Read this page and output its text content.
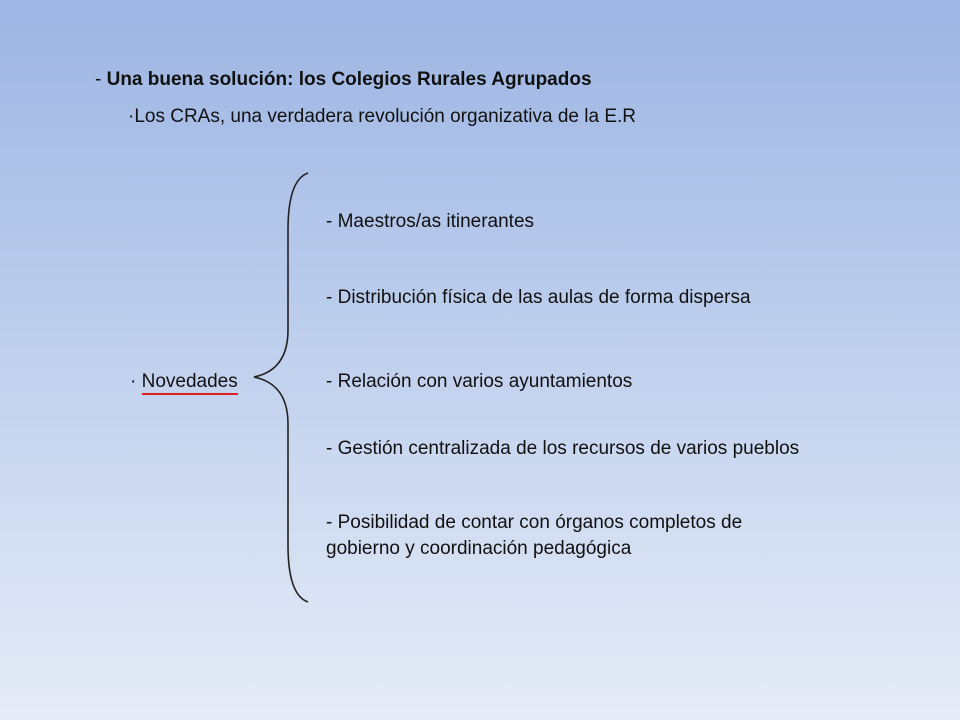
- Una buena solución: los Colegios Rurales Agrupados
·Los CRAs, una verdadera revolución organizativa de la E.R
· Novedades
- Maestros/as itinerantes
- Distribución física de las aulas de forma dispersa
- Relación con varios ayuntamientos
- Gestión centralizada de los recursos de varios pueblos
- Posibilidad de contar con órganos completos de
gobierno y coordinación pedagógica
